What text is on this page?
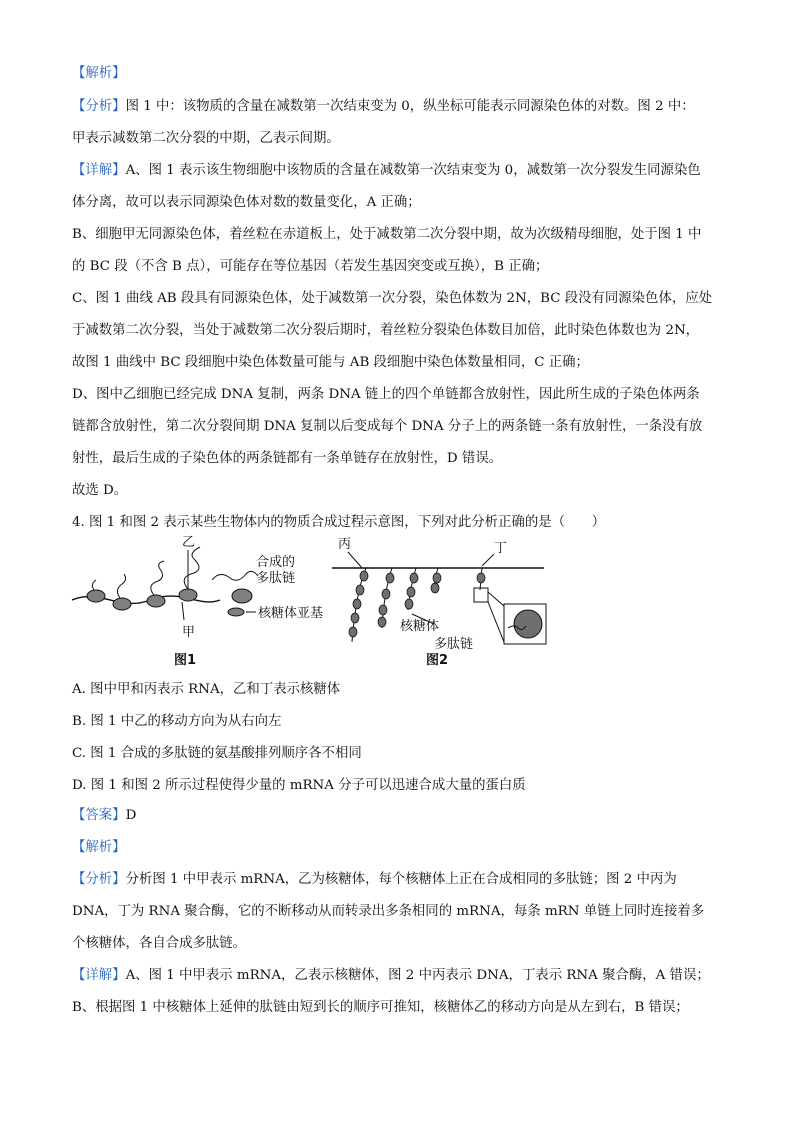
【解析】
【分析】图 1 中：该物质的含量在减数第一次结束变为 0，纵坐标可能表示同源染色体的对数。图 2 中：
甲表示减数第二次分裂的中期，乙表示间期。
【详解】A、图 1 表示该生物细胞中该物质的含量在减数第一次结束变为 0，减数第一次分裂发生同源染色
体分离，故可以表示同源染色体对数的数量变化，A 正确；
B、细胞甲无同源染色体，着丝粒在赤道板上，处于减数第二次分裂中期，故为次级精母细胞，处于图 1 中
的 BC 段（不含 B 点），可能存在等位基因（若发生基因突变或互换），B 正确；
C、图 1 曲线 AB 段具有同源染色体，处于减数第一次分裂，染色体数为 2N，BC 段没有同源染色体，应处
于减数第二次分裂，当处于减数第二次分裂后期时，着丝粒分裂染色体数目加倍，此时染色体数也为 2N，
故图 1 曲线中 BC 段细胞中染色体数量可能与 AB 段细胞中染色体数量相同，C 正确；
D、图中乙细胞已经完成 DNA 复制，两条 DNA 链上的四个单链都含放射性，因此所生成的子染色体两条
链都含放射性，第二次分裂间期 DNA 复制以后变成每个 DNA 分子上的两条链一条有放射性，一条没有放
射性，最后生成的子染色体的两条链都有一条单链存在放射性，D 错误。
故选 D。
4. 图 1 和图 2 表示某些生物体内的物质合成过程示意图，下列对此分析正确的是（　　）
乙
甲
合成的
多肽链
核糖体亚基
图1
丙	丁
核糖体
多肽链
图2
A. 图中甲和丙表示 RNA，乙和丁表示核糖体
B. 图 1 中乙的移动方向为从右向左
C. 图 1 合成的多肽链的氨基酸排列顺序各不相同
D. 图 1 和图 2 所示过程使得少量的 mRNA 分子可以迅速合成大量的蛋白质
【答案】D
【解析】
【分析】分析图 1 中甲表示 mRNA，乙为核糖体，每个核糖体上正在合成相同的多肽链；图 2 中丙为
DNA，丁为 RNA 聚合酶，它的不断移动从而转录出多条相同的 mRNA，每条 mRN 单链上同时连接着多
个核糖体，各自合成多肽链。
【详解】A、图 1 中甲表示 mRNA，乙表示核糖体，图 2 中丙表示 DNA，丁表示 RNA 聚合酶，A 错误；
B、根据图 1 中核糖体上延伸的肽链由短到长的顺序可推知，核糖体乙的移动方向是从左到右，B 错误；
